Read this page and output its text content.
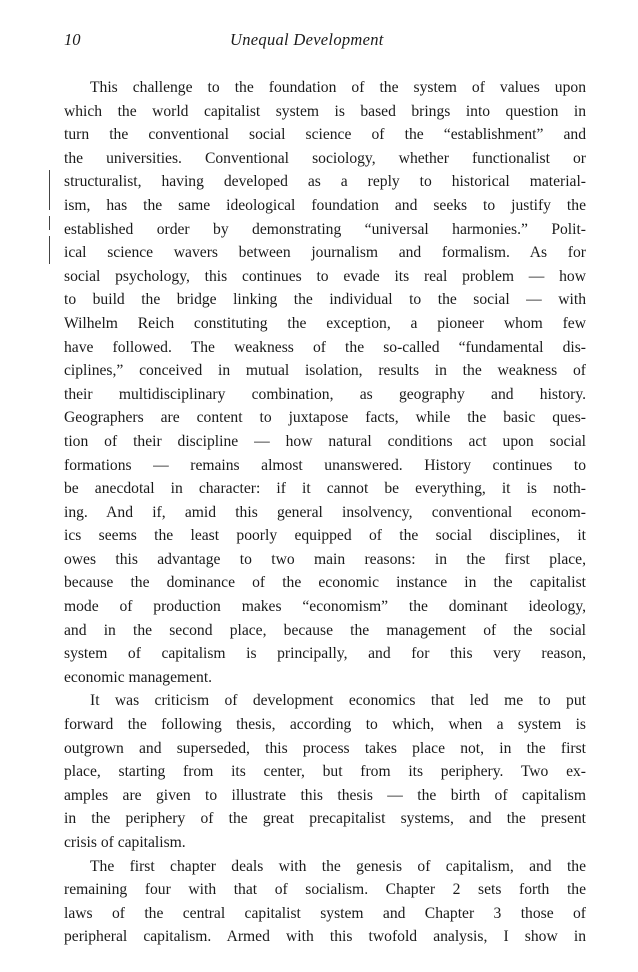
10	Unequal Development
This challenge to the foundation of the system of values upon
which the world capitalist system is based brings into question in
turn the conventional social science of the “establishment” and
the universities. Conventional sociology, whether functionalist or
structuralist, having developed as a reply to historical material-
ism, has the same ideological foundation and seeks to justify the
established order by demonstrating “universal harmonies.” Polit-
ical science wavers between journalism and formalism. As for
social psychology, this continues to evade its real problem — how
to build the bridge linking the individual to the social — with
Wilhelm Reich constituting the exception, a pioneer whom few
have followed. The weakness of the so-called “fundamental dis-
ciplines,” conceived in mutual isolation, results in the weakness of
their multidisciplinary combination, as geography and history.
Geographers are content to juxtapose facts, while the basic ques-
tion of their discipline — how natural conditions act upon social
formations — remains almost unanswered. History continues to
be anecdotal in character: if it cannot be everything, it is noth-
ing. And if, amid this general insolvency, conventional econom-
ics seems the least poorly equipped of the social disciplines, it
owes this advantage to two main reasons: in the first place,
because the dominance of the economic instance in the capitalist
mode of production makes “economism” the dominant ideology,
and in the second place, because the management of the social
system of capitalism is principally, and for this very reason,
economic management.
It was criticism of development economics that led me to put
forward the following thesis, according to which, when a system is
outgrown and superseded, this process takes place not, in the first
place, starting from its center, but from its periphery. Two ex-
amples are given to illustrate this thesis — the birth of capitalism
in the periphery of the great precapitalist systems, and the present
crisis of capitalism.
The first chapter deals with the genesis of capitalism, and the
remaining four with that of socialism. Chapter 2 sets forth the
laws of the central capitalist system and Chapter 3 those of
peripheral capitalism. Armed with this twofold analysis, I show in
